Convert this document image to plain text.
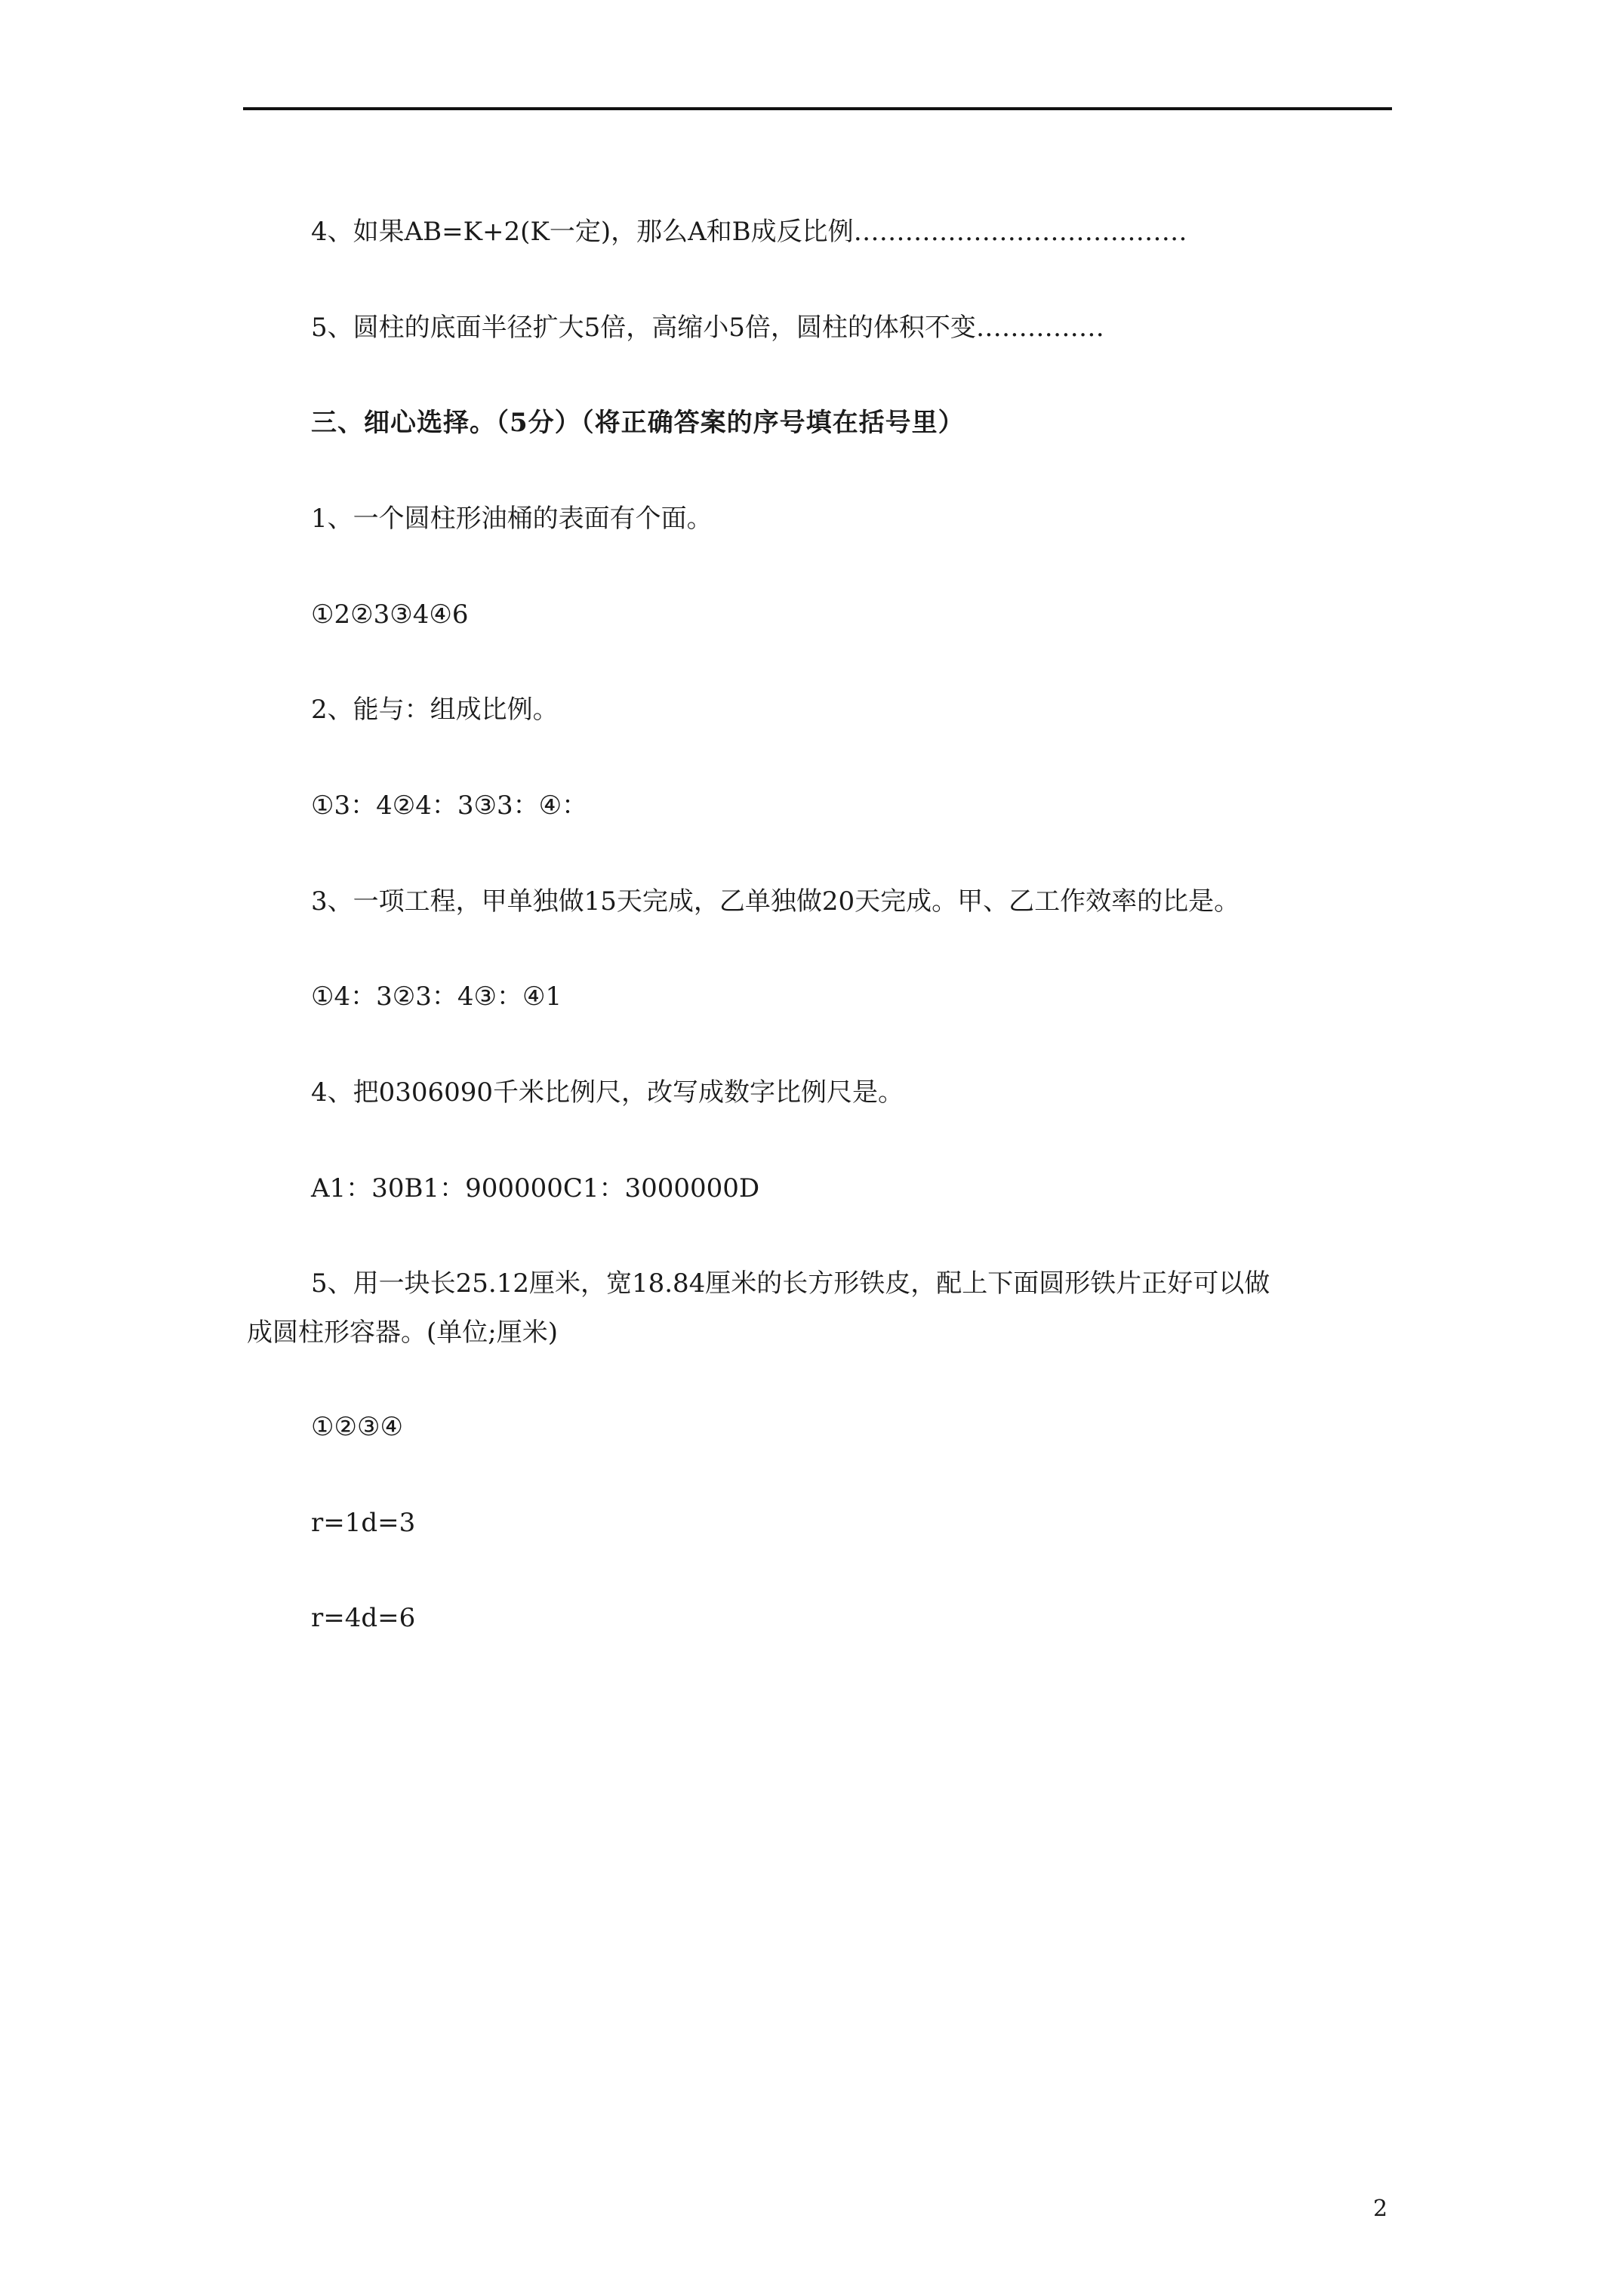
4、如果AB=K+2(K一定)，那么A和B成反比例…………………………………
5、圆柱的底面半径扩大5倍，高缩小5倍，圆柱的体积不变……………
三、细心选择。（5分）（将正确答案的序号填在括号里）
1、一个圆柱形油桶的表面有个面。
①2②3③4④6
2、能与：组成比例。
①3：4②4：3③3：④：
3、一项工程，甲单独做15天完成，乙单独做20天完成。甲、乙工作效率的比是。
①4：3②3：4③：④1
4、把0306090千米比例尺，改写成数字比例尺是。
A1：30B1：900000C1：3000000D
5、用一块长25.12厘米，宽18.84厘米的长方形铁皮，配上下面圆形铁片正好可以做
成圆柱形容器。(单位;厘米)
①②③④
r=1d=3
r=4d=6
2
